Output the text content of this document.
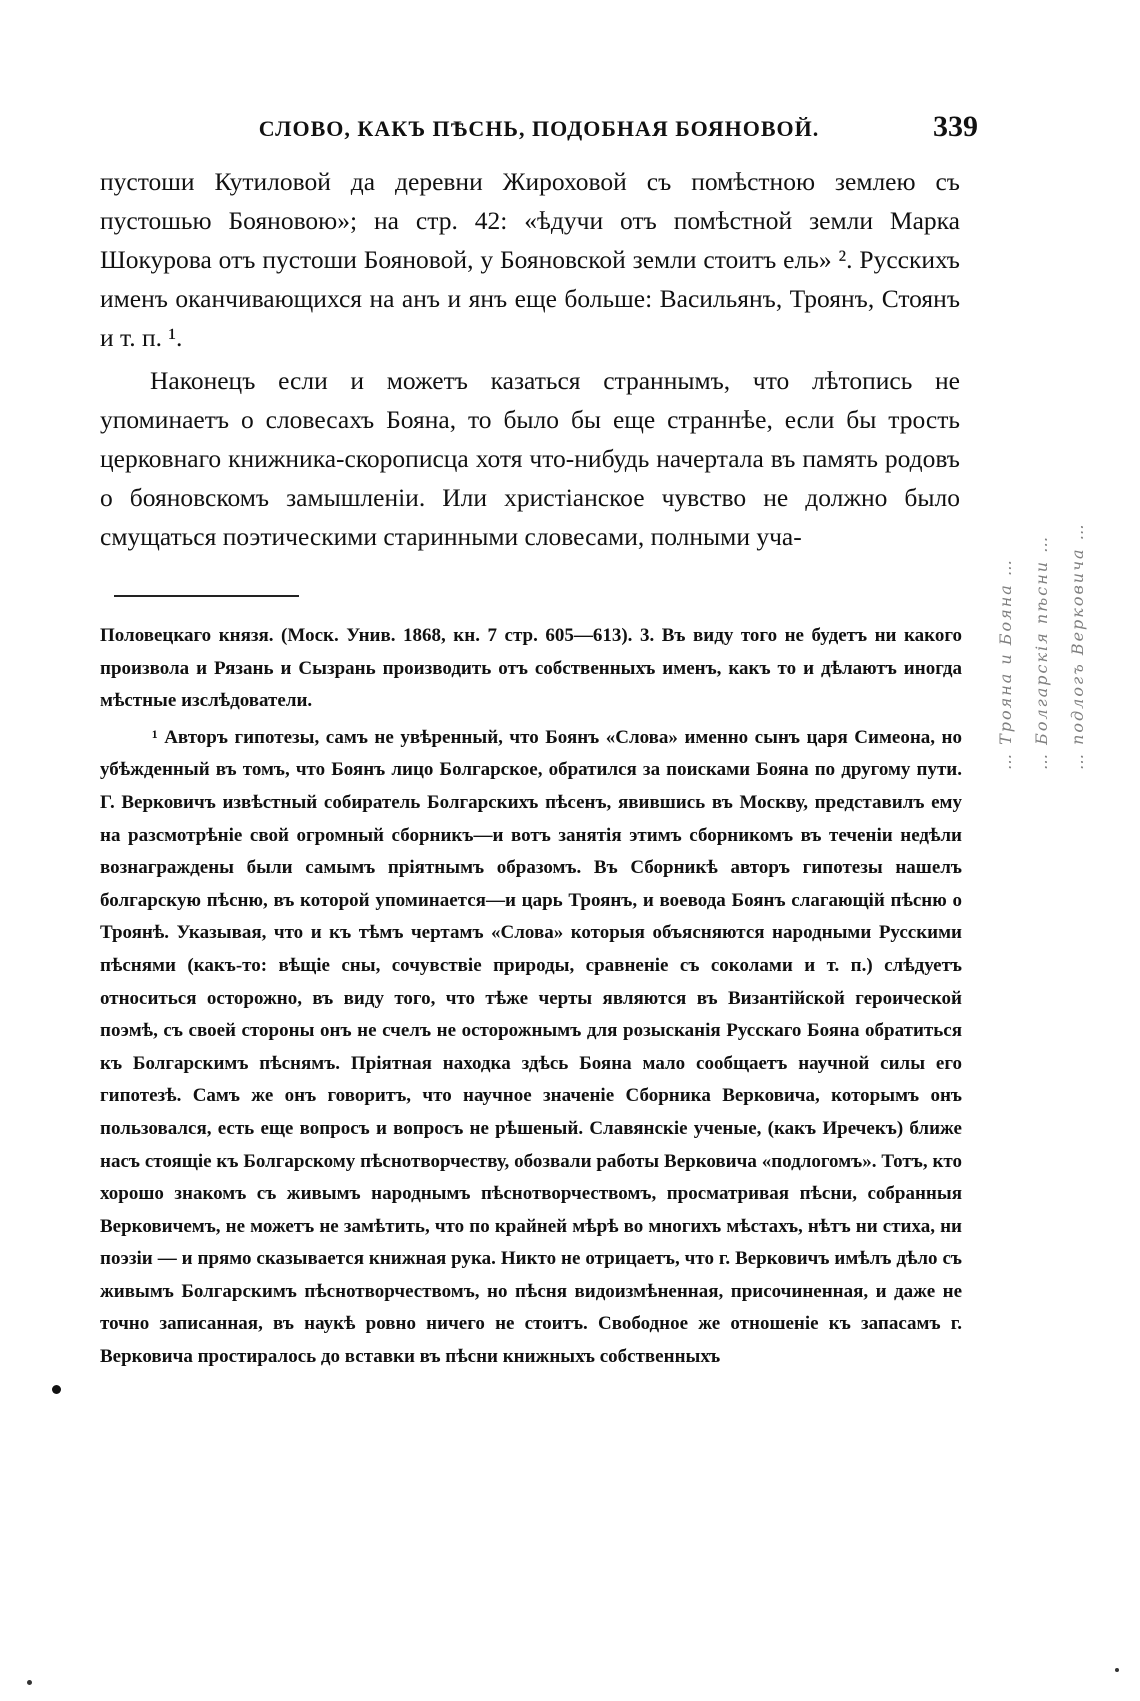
СЛОВО, КАКЪ ПѢСНЬ, ПОДОБНАЯ БОЯНОВОЙ.	339

пустоши Кутиловой да деревни Жироховой съ помѣстною землею съ пустошью Бояновою»; на стр. 42: «ѣдучи отъ помѣстной земли Марка Шокурова отъ пустоши Бояновой, у Бояновской земли стоитъ ель» ². Русскихъ именъ оканчивающихся на анъ и янъ еще больше: Васильянъ, Троянъ, Стоянъ и т. п. ¹.

Наконецъ если и можетъ казаться страннымъ, что лѣтопись не упоминаетъ о словесахъ Бояна, то было бы еще страннѣе, если бы трость церковнаго книжника-скорописца хотя что-нибудь начертала въ память родовъ о бояновскомъ замышленіи. Или христіанское чувство не должно было смущаться поэтическими старинными словесами, полными уча-

Половецкаго князя. (Моск. Унив. 1868, кн. 7 стр. 605—613). 3. Въ виду того не будетъ ни какого произвола и Рязань и Сызрань производить отъ собственныхъ именъ, какъ то и дѣлаютъ иногда мѣстные изслѣдователи.

¹ Авторъ гипотезы, самъ не увѣренный, что Боянъ «Слова» именно сынъ царя Симеона, но убѣжденный въ томъ, что Боянъ лицо Болгарское, обратился за поисками Бояна по другому пути. Г. Верковичъ извѣстный собиратель Болгарскихъ пѣсенъ, явившись въ Москву, представилъ ему на разсмотрѣніе свой огромный сборникъ—и вотъ занятія этимъ сборникомъ въ теченіи недѣли вознаграждены были самымъ пріятнымъ образомъ. Въ Сборникѣ авторъ гипотезы нашелъ болгарскую пѣсню, въ которой упоминается—и царь Троянъ, и воевода Боянъ слагающій пѣсню о Троянѣ. Указывая, что и къ тѣмъ чертамъ «Слова» которыя объясняются народными Русскими пѣснями (какъ-то: вѣщіе сны, сочувствіе природы, сравненіе съ соколами и т. п.) слѣдуетъ относиться осторожно, въ виду того, что тѣже черты являются въ Византійской героической поэмѣ, съ своей стороны онъ не счелъ не осторожнымъ для розысканія Русскаго Бояна обратиться къ Болгарскимъ пѣснямъ. Пріятная находка здѣсь Бояна мало сообщаетъ научной силы его гипотезѣ. Самъ же онъ говоритъ, что научное значеніе Сборника Верковича, которымъ онъ пользовался, есть еще вопросъ и вопросъ не рѣшеный. Славянскіе ученые, (какъ Иречекъ) ближе насъ стоящіе къ Болгарскому пѣснотворчеству, обозвали работы Верковича «подлогомъ». Тотъ, кто хорошо знакомъ съ живымъ народнымъ пѣснотворчествомъ, просматривая пѣсни, собранныя Верковичемъ, не можетъ не замѣтить, что по крайней мѣрѣ во многихъ мѣстахъ, нѣтъ ни стиха, ни поэзіи — и прямо сказывается книжная рука. Никто не отрицаетъ, что г. Верковичъ имѣлъ дѣло съ живымъ Болгарскимъ пѣснотворчествомъ, но пѣсня видоизмѣненная, присочиненная, и даже не точно записанная, въ наукѣ ровно ничего не стоитъ. Свободное же отношеніе къ запасамъ г. Верковича простиралось до вставки въ пѣсни книжныхъ собственныхъ

… Трояна и Бояна …	… Болгарскія пѣсни …	… подлогъ Верковича …
